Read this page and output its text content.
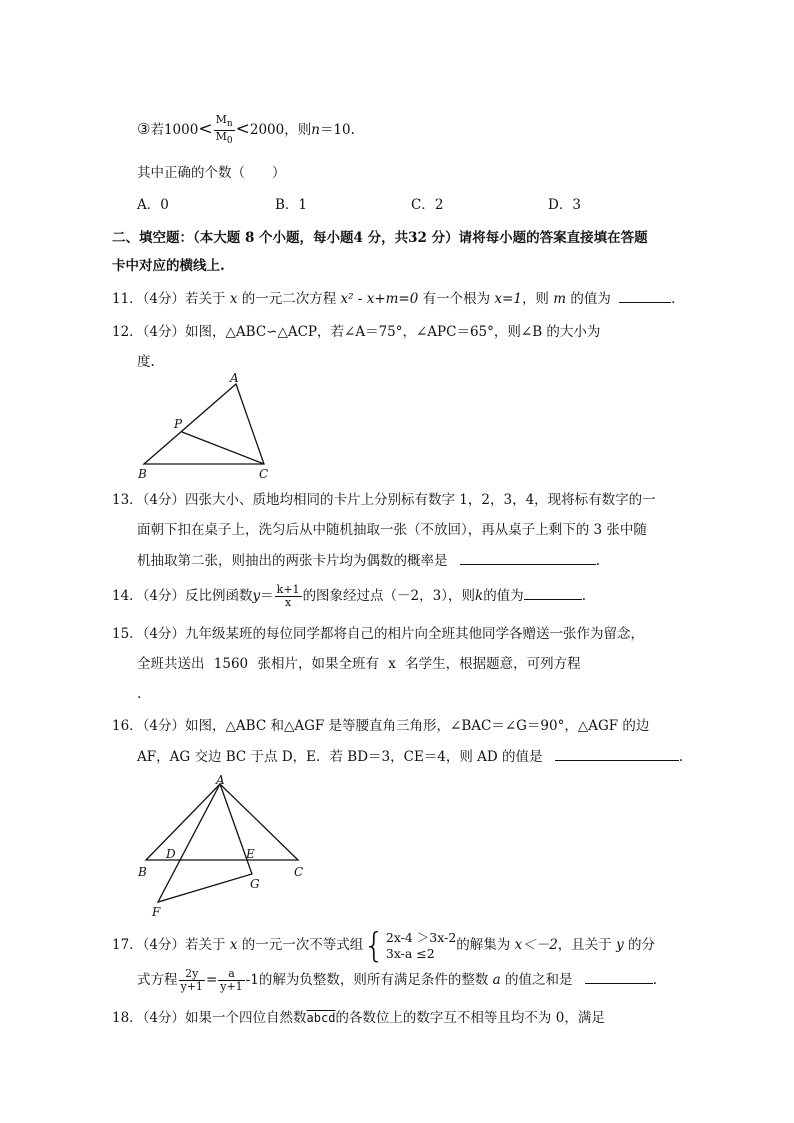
③若$1000< \frac{M_n}{M_0} <2000$，则n＝10.
其中正确的个数（　　）
A．0	B．1	C．2	D．3
二、填空题：（本大题 8 个小题，每小题4 分，共32 分）请将每小题的答案直接填在答题
卡中对应的横线上.
11．（4分）若关于 x 的一元二次方程 x² - x+m=0 有一个根为 x=1，则 m 的值为	.
12．（4分）如图，△ABC∽△ACP，若∠A＝75°，∠APC＝65°，则∠B 的大小为
度.
A
P
B	C
13．（4分）四张大小、质地均相同的卡片上分别标有数字 1，2，3，4，现将标有数字的一
面朝下扣在桌子上，洗匀后从中随机抽取一张（不放回），再从桌子上剩下的 3 张中随
机抽取第二张，则抽出的两张卡片均为偶数的概率是	.
14．（4分）反比例函数$y= \frac{k+1}{x}$ 的图象经过点（－2，3），则k的值为	.
15．（4分）九年级某班的每位同学都将自己的相片向全班其他同学各赠送一张作为留念，
全班共送出 1560 张相片，如果全班有 x 名学生，根据题意，可列方程
.
16．（4分）如图，△ABC 和△AGF 是等腰直角三角形，∠BAC＝∠G＝90°，△AGF 的边
AF，AG 交边 BC 于点 D，E．若 BD＝3，CE＝4，则 AD 的值是	.
A
B	C
D	E
F
G
17．（4分）若关于 x 的一元一次不等式组{ 2x-4 ＞3x-2
3x-a ≤2	的解集为 x＜－2，且关于 y 的分
式方程 $\frac{2y}{y+1} = \frac{a}{y+1} -1$的解为负整数，则所有满足条件的整数 a 的值之和是	.
18．（4分）如果一个四位自然数abcd的各数位上的数字互不相等且均不为 0，满足
